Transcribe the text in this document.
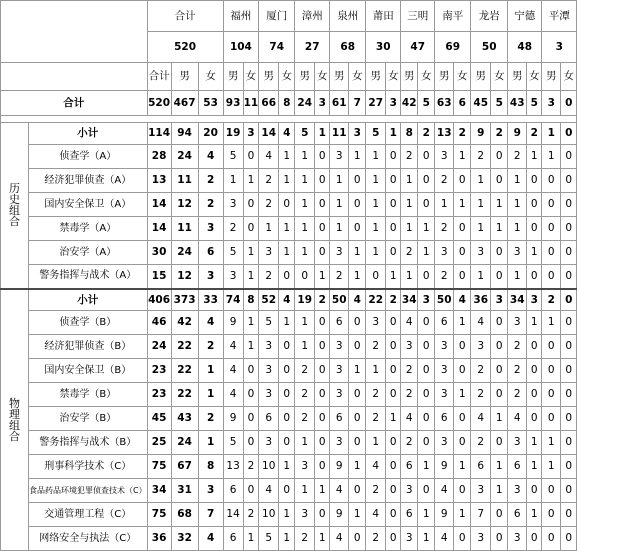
		合计			福州		厦门		漳州		泉州		莆田		三明		南平		龙岩		宁德		平潭	
		520			104		74		27		68		30		47		69		50		48		3	
		合计	男	女	男	女	男	女	男	女	男	女	男	女	男	女	男	女	男	女	男	女	男	女
合计		520	467	53	93	11	66	8	24	3	61	7	27	3	42	5	63	6	45	5	43	5	3	0

历
史
组
合	小计	114	94	20	19	3	14	4	5	1	11	3	5	1	8	2	13	2	9	2	9	2	1	0
	侦查学（A）	28	24	4	5	0	4	1	1	0	3	1	1	0	2	0	3	1	2	0	2	1	1	0
	经济犯罪侦查（A）	13	11	2	1	1	2	1	1	0	1	0	1	0	1	0	2	0	1	0	1	0	0	0
	国内安全保卫（A）	14	12	2	3	0	2	0	1	0	1	0	1	0	1	0	1	1	1	1	1	0	0	0
	禁毒学（A）	14	11	3	2	0	1	1	1	0	1	0	1	0	1	1	2	0	1	1	1	0	0	0
	治安学（A）	30	24	6	5	1	3	1	1	0	3	1	1	0	2	1	3	0	3	0	3	1	0	0
	警务指挥与战术（A）	15	12	3	3	1	2	0	0	1	2	1	0	1	1	0	2	0	1	0	1	0	0	0

物
理
组
合	小计	406	373	33	74	8	52	4	19	2	50	4	22	2	34	3	50	4	36	3	34	3	2	0
	侦查学（B）	46	42	4	9	1	5	1	1	0	6	0	3	0	4	0	6	1	4	0	3	1	1	0
	经济犯罪侦查（B）	24	22	2	4	1	3	0	1	0	3	0	2	0	3	0	3	0	3	0	2	0	0	0
	国内安全保卫（B）	23	22	1	4	0	3	0	2	0	3	1	1	0	2	0	3	0	2	0	2	0	0	0
	禁毒学（B）	23	22	1	4	0	3	0	2	0	3	0	2	0	2	0	3	1	2	0	2	0	0	0
	治安学（B）	45	43	2	9	0	6	0	2	0	6	0	2	1	4	0	6	0	4	1	4	0	0	0
	警务指挥与战术（B）	25	24	1	5	0	3	0	1	0	3	0	1	0	2	0	3	0	2	0	3	1	1	0
	刑事科学技术（C）	75	67	8	13	2	10	1	3	0	9	1	4	0	6	1	9	1	6	1	6	1	1	0
	食品药品环境犯罪侦查技术（C）	34	31	3	6	0	4	0	1	1	4	0	2	0	3	0	4	0	3	1	3	0	0	0
	交通管理工程（C）	75	68	7	14	2	10	1	3	0	9	1	4	0	6	1	9	1	7	0	6	1	0	0
	网络安全与执法（C）	36	32	4	6	1	5	1	2	1	4	0	2	0	3	1	4	0	3	0	3	0	0	0
